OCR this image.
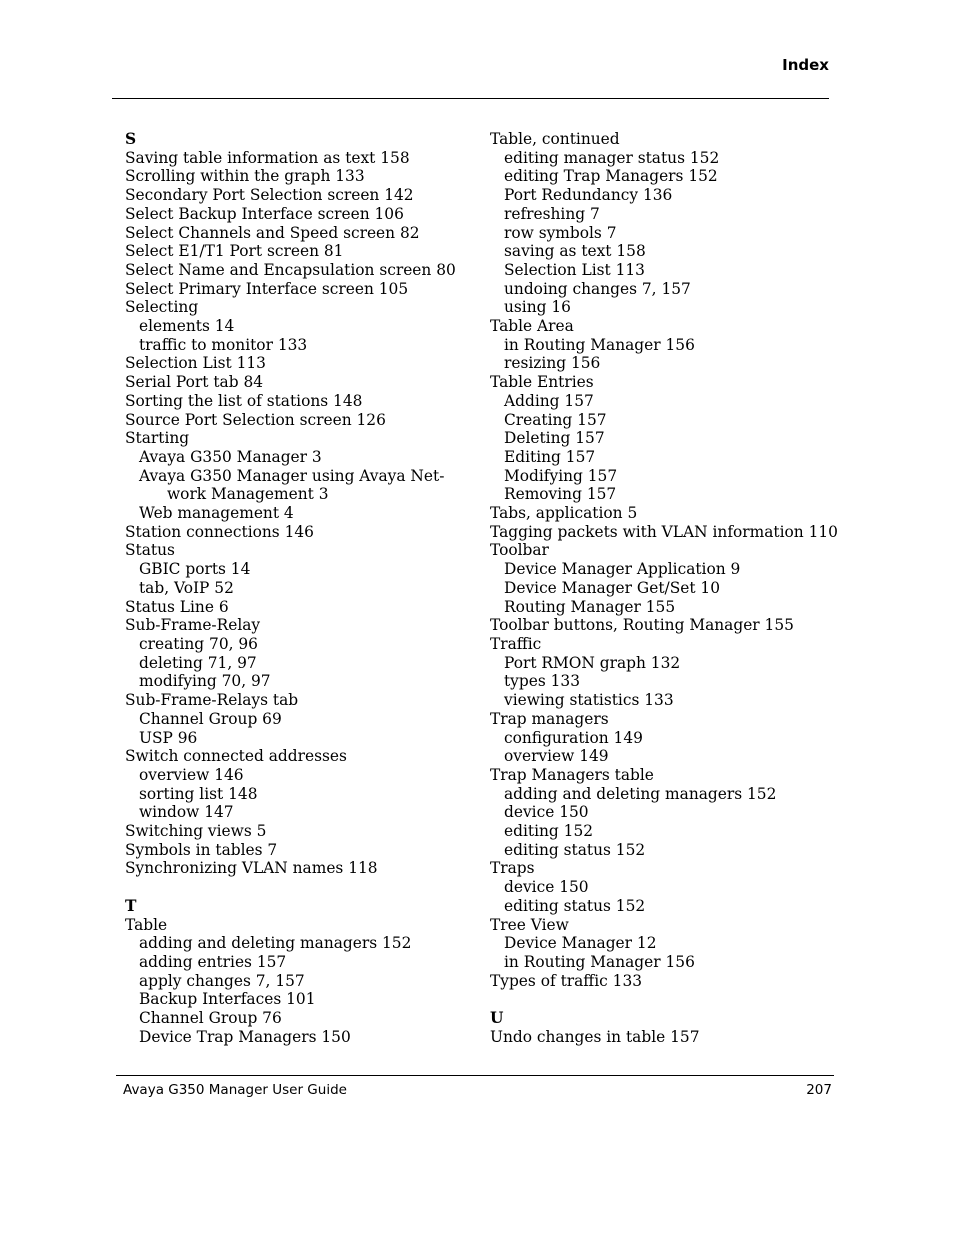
Index
S
Saving table information as text 158
Scrolling within the graph 133
Secondary Port Selection screen 142
Select Backup Interface screen 106
Select Channels and Speed screen 82
Select E1/T1 Port screen 81
Select Name and Encapsulation screen 80
Select Primary Interface screen 105
Selecting
elements 14
traffic to monitor 133
Selection List 113
Serial Port tab 84
Sorting the list of stations 148
Source Port Selection screen 126
Starting
Avaya G350 Manager 3
Avaya G350 Manager using Avaya Net-
work Management 3
Web management 4
Station connections 146
Status
GBIC ports 14
tab, VoIP 52
Status Line 6
Sub-Frame-Relay
creating 70, 96
deleting 71, 97
modifying 70, 97
Sub-Frame-Relays tab
Channel Group 69
USP 96
Switch connected addresses
overview 146
sorting list 148
window 147
Switching views 5
Symbols in tables 7
Synchronizing VLAN names 118
T
Table
adding and deleting managers 152
adding entries 157
apply changes 7, 157
Backup Interfaces 101
Channel Group 76
Device Trap Managers 150
Table, continued
editing manager status 152
editing Trap Managers 152
Port Redundancy 136
refreshing 7
row symbols 7
saving as text 158
Selection List 113
undoing changes 7, 157
using 16
Table Area
in Routing Manager 156
resizing 156
Table Entries
Adding 157
Creating 157
Deleting 157
Editing 157
Modifying 157
Removing 157
Tabs, application 5
Tagging packets with VLAN information 110
Toolbar
Device Manager Application 9
Device Manager Get/Set 10
Routing Manager 155
Toolbar buttons, Routing Manager 155
Traffic
Port RMON graph 132
types 133
viewing statistics 133
Trap managers
configuration 149
overview 149
Trap Managers table
adding and deleting managers 152
device 150
editing 152
editing status 152
Traps
device 150
editing status 152
Tree View
Device Manager 12
in Routing Manager 156
Types of traffic 133
U
Undo changes in table 157
Avaya G350 Manager User Guide	207
